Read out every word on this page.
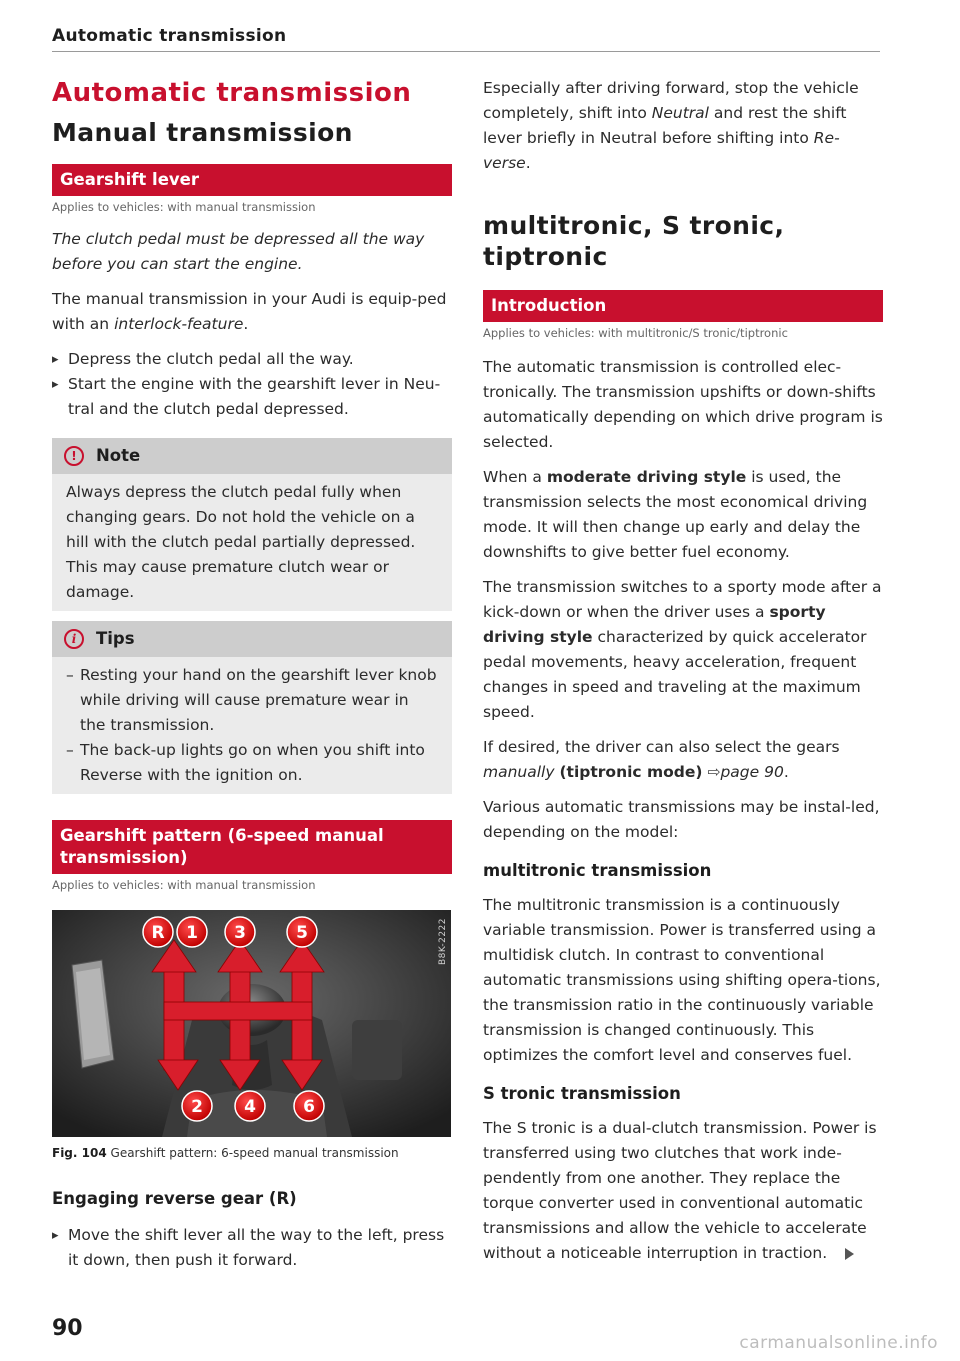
Automatic transmission
Automatic transmission
Manual transmission
Gearshift lever
Applies to vehicles: with manual transmission

The clutch pedal must be depressed all the way before you can start the engine.

The manual transmission in your Audi is equip-ped with an interlock-feature.

▸ Depress the clutch pedal all the way.
▸ Start the engine with the gearshift lever in Neu-tral and the clutch pedal depressed.
!	Note
Always depress the clutch pedal fully when changing gears. Do not hold the vehicle on a hill with the clutch pedal partially depressed. This may cause premature clutch wear or damage.
i	Tips
– Resting your hand on the gearshift lever knob while driving will cause premature wear in the transmission.
– The back-up lights go on when you shift into Reverse with the ignition on.
Gearshift pattern (6-speed manual transmission)
Applies to vehicles: with manual transmission
R 1 3	5
2 4	6
B8K-2222
Fig. 104 Gearshift pattern: 6-speed manual transmission
Engaging reverse gear (R)
▸ Move the shift lever all the way to the left, press it down, then push it forward.

Especially after driving forward, stop the vehicle completely, shift into Neutral and rest the shift lever briefly in Neutral before shifting into Re-verse.

multitronic, S tronic, tiptronic
Introduction
Applies to vehicles: with multitronic/S tronic/tiptronic

The automatic transmission is controlled elec-tronically. The transmission upshifts or down-shifts automatically depending on which drive program is selected.

When a moderate driving style is used, the transmission selects the most economical driving mode. It will then change up early and delay the downshifts to give better fuel economy.

The transmission switches to a sporty mode after a kick-down or when the driver uses a sporty driving style characterized by quick accelerator pedal movements, heavy acceleration, frequent changes in speed and traveling at the maximum speed.

If desired, the driver can also select the gears manually (tiptronic mode) ⇨page 90.

Various automatic transmissions may be instal-led, depending on the model:

multitronic transmission

The multitronic transmission is a continuously variable transmission. Power is transferred using a multidisk clutch. In contrast to conventional automatic transmissions using shifting opera-tions, the transmission ratio in the continuously variable transmission is changed continuously. This optimizes the comfort level and conserves fuel.

S tronic transmission

The S tronic is a dual-clutch transmission. Power is transferred using two clutches that work inde-pendently from one another. They replace the torque converter used in conventional automatic transmissions and allow the vehicle to accelerate without a noticeable interruption in traction.

90
carmanualsonline.info
